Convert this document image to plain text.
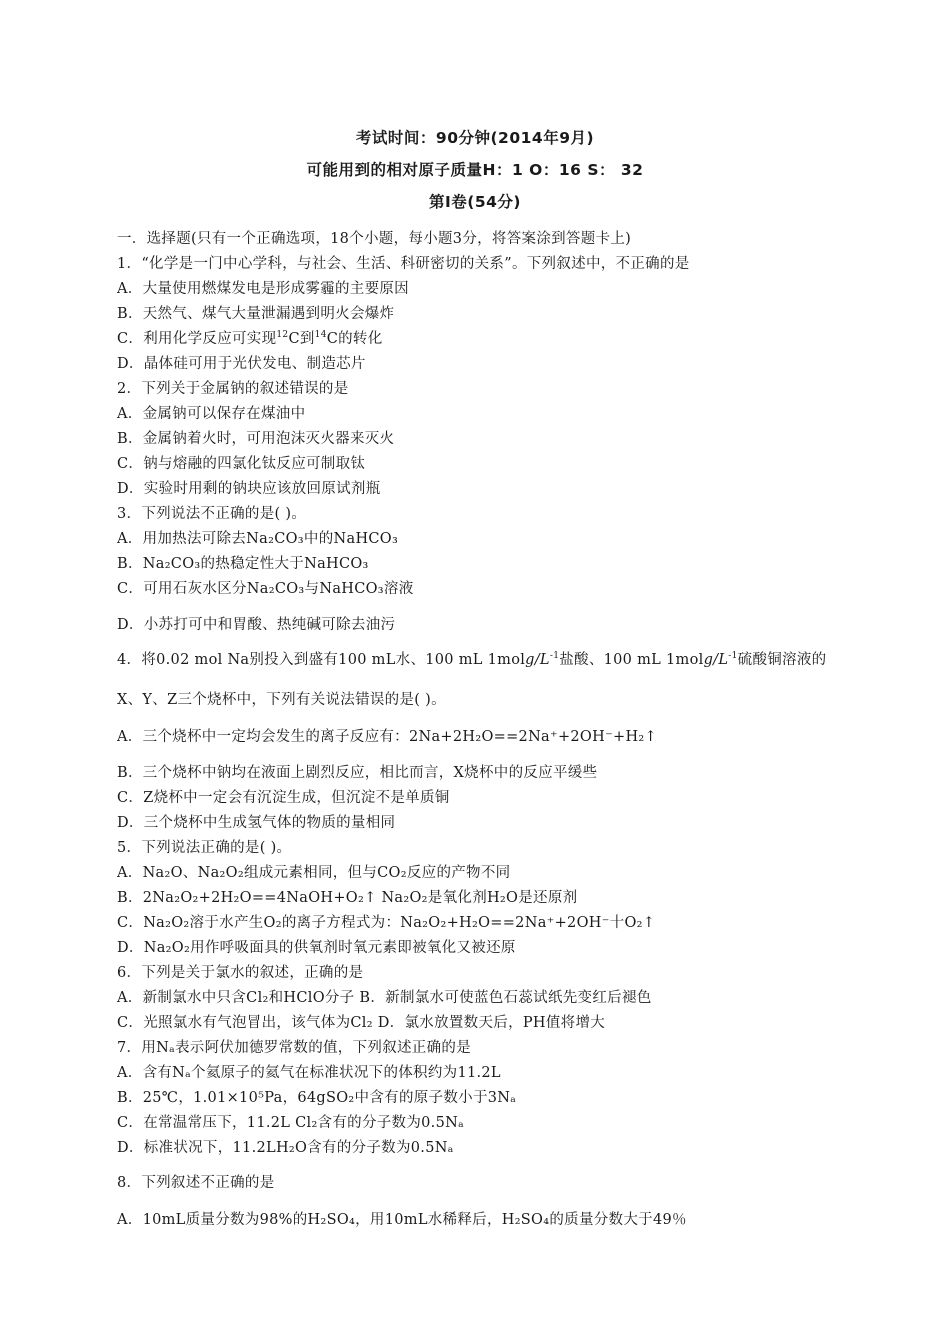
考试时间：90分钟(2014年9月)
可能用到的相对原子质量H：1 O：16 S： 32
第Ⅰ卷(54分)
一．选择题(只有一个正确选项，18个小题，每小题3分，将答案涂到答题卡上)
1．“化学是一门中心学科，与社会、生活、科研密切的关系”。下列叙述中，不正确的是
A．大量使用燃煤发电是形成雾霾的主要原因
B．天然气、煤气大量泄漏遇到明火会爆炸
C．利用化学反应可实现$^{12}$C到$^{14}$C的转化
D．晶体硅可用于光伏发电、制造芯片
2．下列关于金属钠的叙述错误的是
A．金属钠可以保存在煤油中
B．金属钠着火时，可用泡沫灭火器来灭火
C．钠与熔融的四氯化钛反应可制取钛
D．实验时用剩的钠块应该放回原试剂瓶
3．下列说法不正确的是( )。
A．用加热法可除去Na₂CO₃中的NaHCO₃
B．Na₂CO₃的热稳定性大于NaHCO₃
C．可用石灰水区分Na₂CO₃与NaHCO₃溶液
D．小苏打可中和胃酸、热纯碱可除去油污
4．将0.02 mol Na别投入到盛有100 mL水、100 mL $1molg/L^{-1}$盐酸、100 mL $1molg/L^{-1}$硫酸铜溶液的
X、Y、Z三个烧杯中，下列有关说法错误的是( )。
A．三个烧杯中一定均会发生的离子反应有：2Na+2H₂O==2Na⁺+2OH⁻+H₂↑
B．三个烧杯中钠均在液面上剧烈反应，相比而言，X烧杯中的反应平缓些
C．Z烧杯中一定会有沉淀生成，但沉淀不是单质铜
D．三个烧杯中生成氢气体的物质的量相同
5．下列说法正确的是( )。
A．Na₂O、Na₂O₂组成元素相同，但与CO₂反应的产物不同
B．2Na₂O₂+2H₂O==4NaOH+O₂↑ Na₂O₂是氧化剂H₂O是还原剂
C．Na₂O₂溶于水产生O₂的离子方程式为：Na₂O₂+H₂O==2Na⁺+2OH⁻十O₂↑
D．Na₂O₂用作呼吸面具的供氧剂时氧元素即被氧化又被还原
6．下列是关于氯水的叙述，正确的是
A．新制氯水中只含Cl₂和HClO分子 B．新制氯水可使蓝色石蕊试纸先变红后褪色
C．光照氯水有气泡冒出，该气体为Cl₂ D．氯水放置数天后，PH值将增大
7．用Nₐ表示阿伏加德罗常数的值，下列叙述正确的是
A．含有Nₐ个氦原子的氦气在标准状况下的体积约为11.2L
B．25℃，1.01×10⁵Pa，64gSO₂中含有的原子数小于3Nₐ
C．在常温常压下，11.2L Cl₂含有的分子数为0.5Nₐ
D．标准状况下，11.2LH₂O含有的分子数为0.5Nₐ
8．下列叙述不正确的是
A．10mL质量分数为98%的H₂SO₄，用10mL水稀释后，H₂SO₄的质量分数大于49％
